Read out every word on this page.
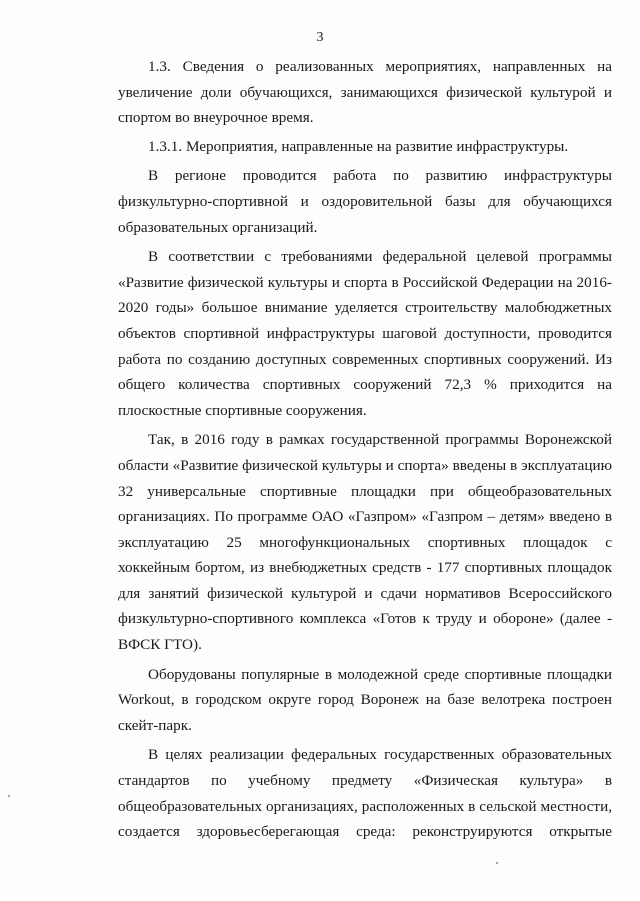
3

1.3. Сведения о реализованных мероприятиях, направленных на увеличение доли обучающихся, занимающихся физической культурой и спортом во внеурочное время.

1.3.1. Мероприятия, направленные на развитие инфраструктуры.

В регионе проводится работа по развитию инфраструктуры физкультурно-спортивной и оздоровительной базы для обучающихся образовательных организаций.

В соответствии с требованиями федеральной целевой программы «Развитие физической культуры и спорта в Российской Федерации на 2016-2020 годы» большое внимание уделяется строительству малобюджетных объектов спортивной инфраструктуры шаговой доступности, проводится работа по созданию доступных современных спортивных сооружений. Из общего количества спортивных сооружений 72,3 % приходится на плоскостные спортивные сооружения.

Так, в 2016 году в рамках государственной программы Воронежской области «Развитие физической культуры и спорта» введены в эксплуатацию 32 универсальные спортивные площадки при общеобразовательных организациях. По программе ОАО «Газпром» «Газпром – детям» введено в эксплуатацию 25 многофункциональных спортивных площадок с хоккейным бортом, из внебюджетных средств - 177 спортивных площадок для занятий физической культурой и сдачи нормативов Всероссийского физкультурно-спортивного комплекса «Готов к труду и обороне» (далее - ВФСК ГТО).

Оборудованы популярные в молодежной среде спортивные площадки Workout, в городском округе город Воронеж на базе велотрека построен скейт-парк.

В целях реализации федеральных государственных образовательных стандартов по учебному предмету «Физическая культура» в общеобразовательных организациях, расположенных в сельской местности, создается здоровьесберегающая среда: реконструируются открытые
